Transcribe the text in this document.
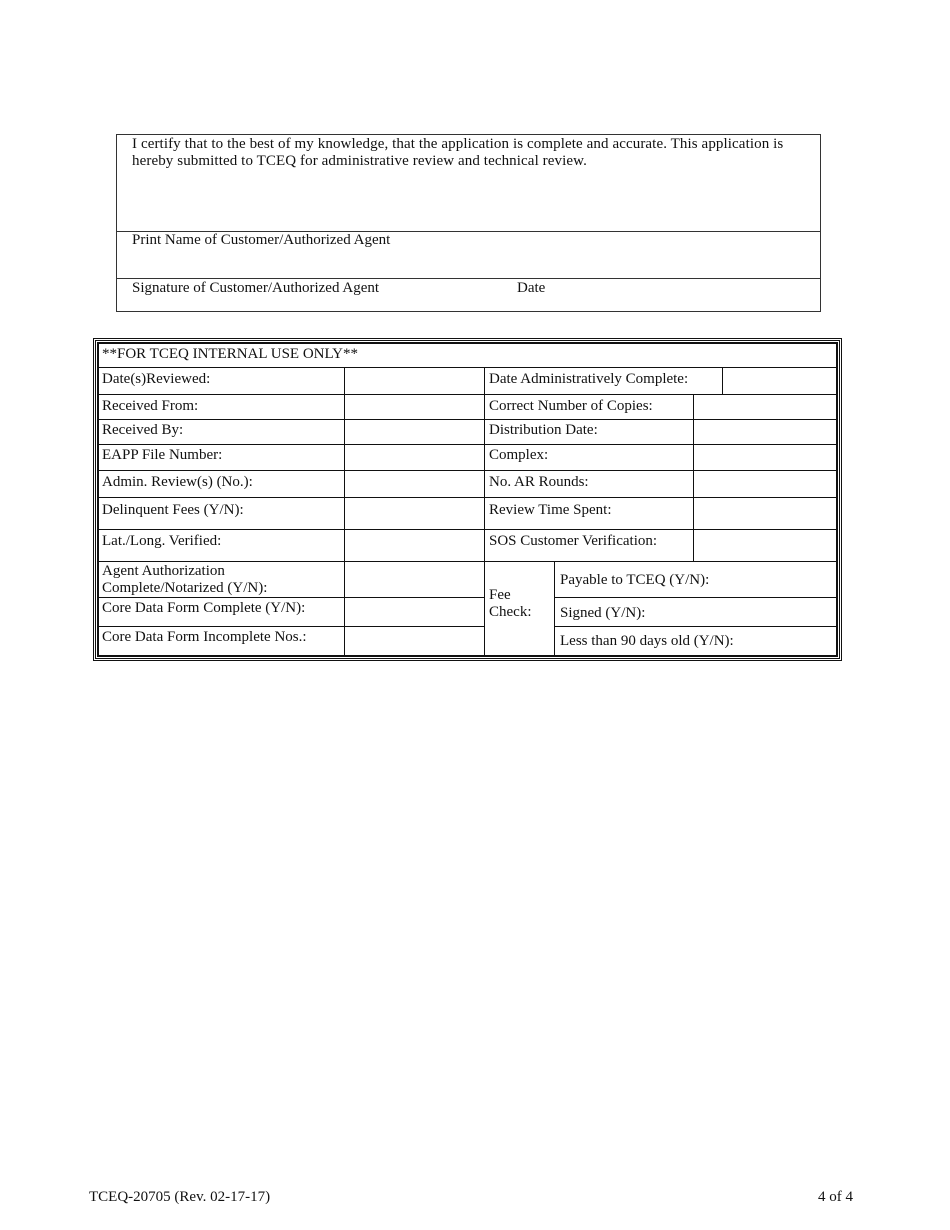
I certify that to the best of my knowledge, that the application is complete and accurate. This application is hereby submitted to TCEQ for administrative review and technical review.
Print Name of Customer/Authorized Agent
Signature of Customer/Authorized Agent	Date
**FOR TCEQ INTERNAL USE ONLY**
Date(s)Reviewed:
Received From:
Received By:
EAPP File Number:
Admin. Review(s) (No.):
Delinquent Fees (Y/N):
Lat./Long. Verified:
Agent Authorization
Complete/Notarized (Y/N):
Core Data Form Complete (Y/N):
Core Data Form Incomplete Nos.:
Date Administratively Complete:
Correct Number of Copies:
Distribution Date:
Complex:
No. AR Rounds:
Review Time Spent:
SOS Customer Verification:
Fee
Check:
Payable to TCEQ (Y/N):
Signed (Y/N):
Less than 90 days old (Y/N):
TCEQ-20705 (Rev. 02-17-17)	4 of 4
